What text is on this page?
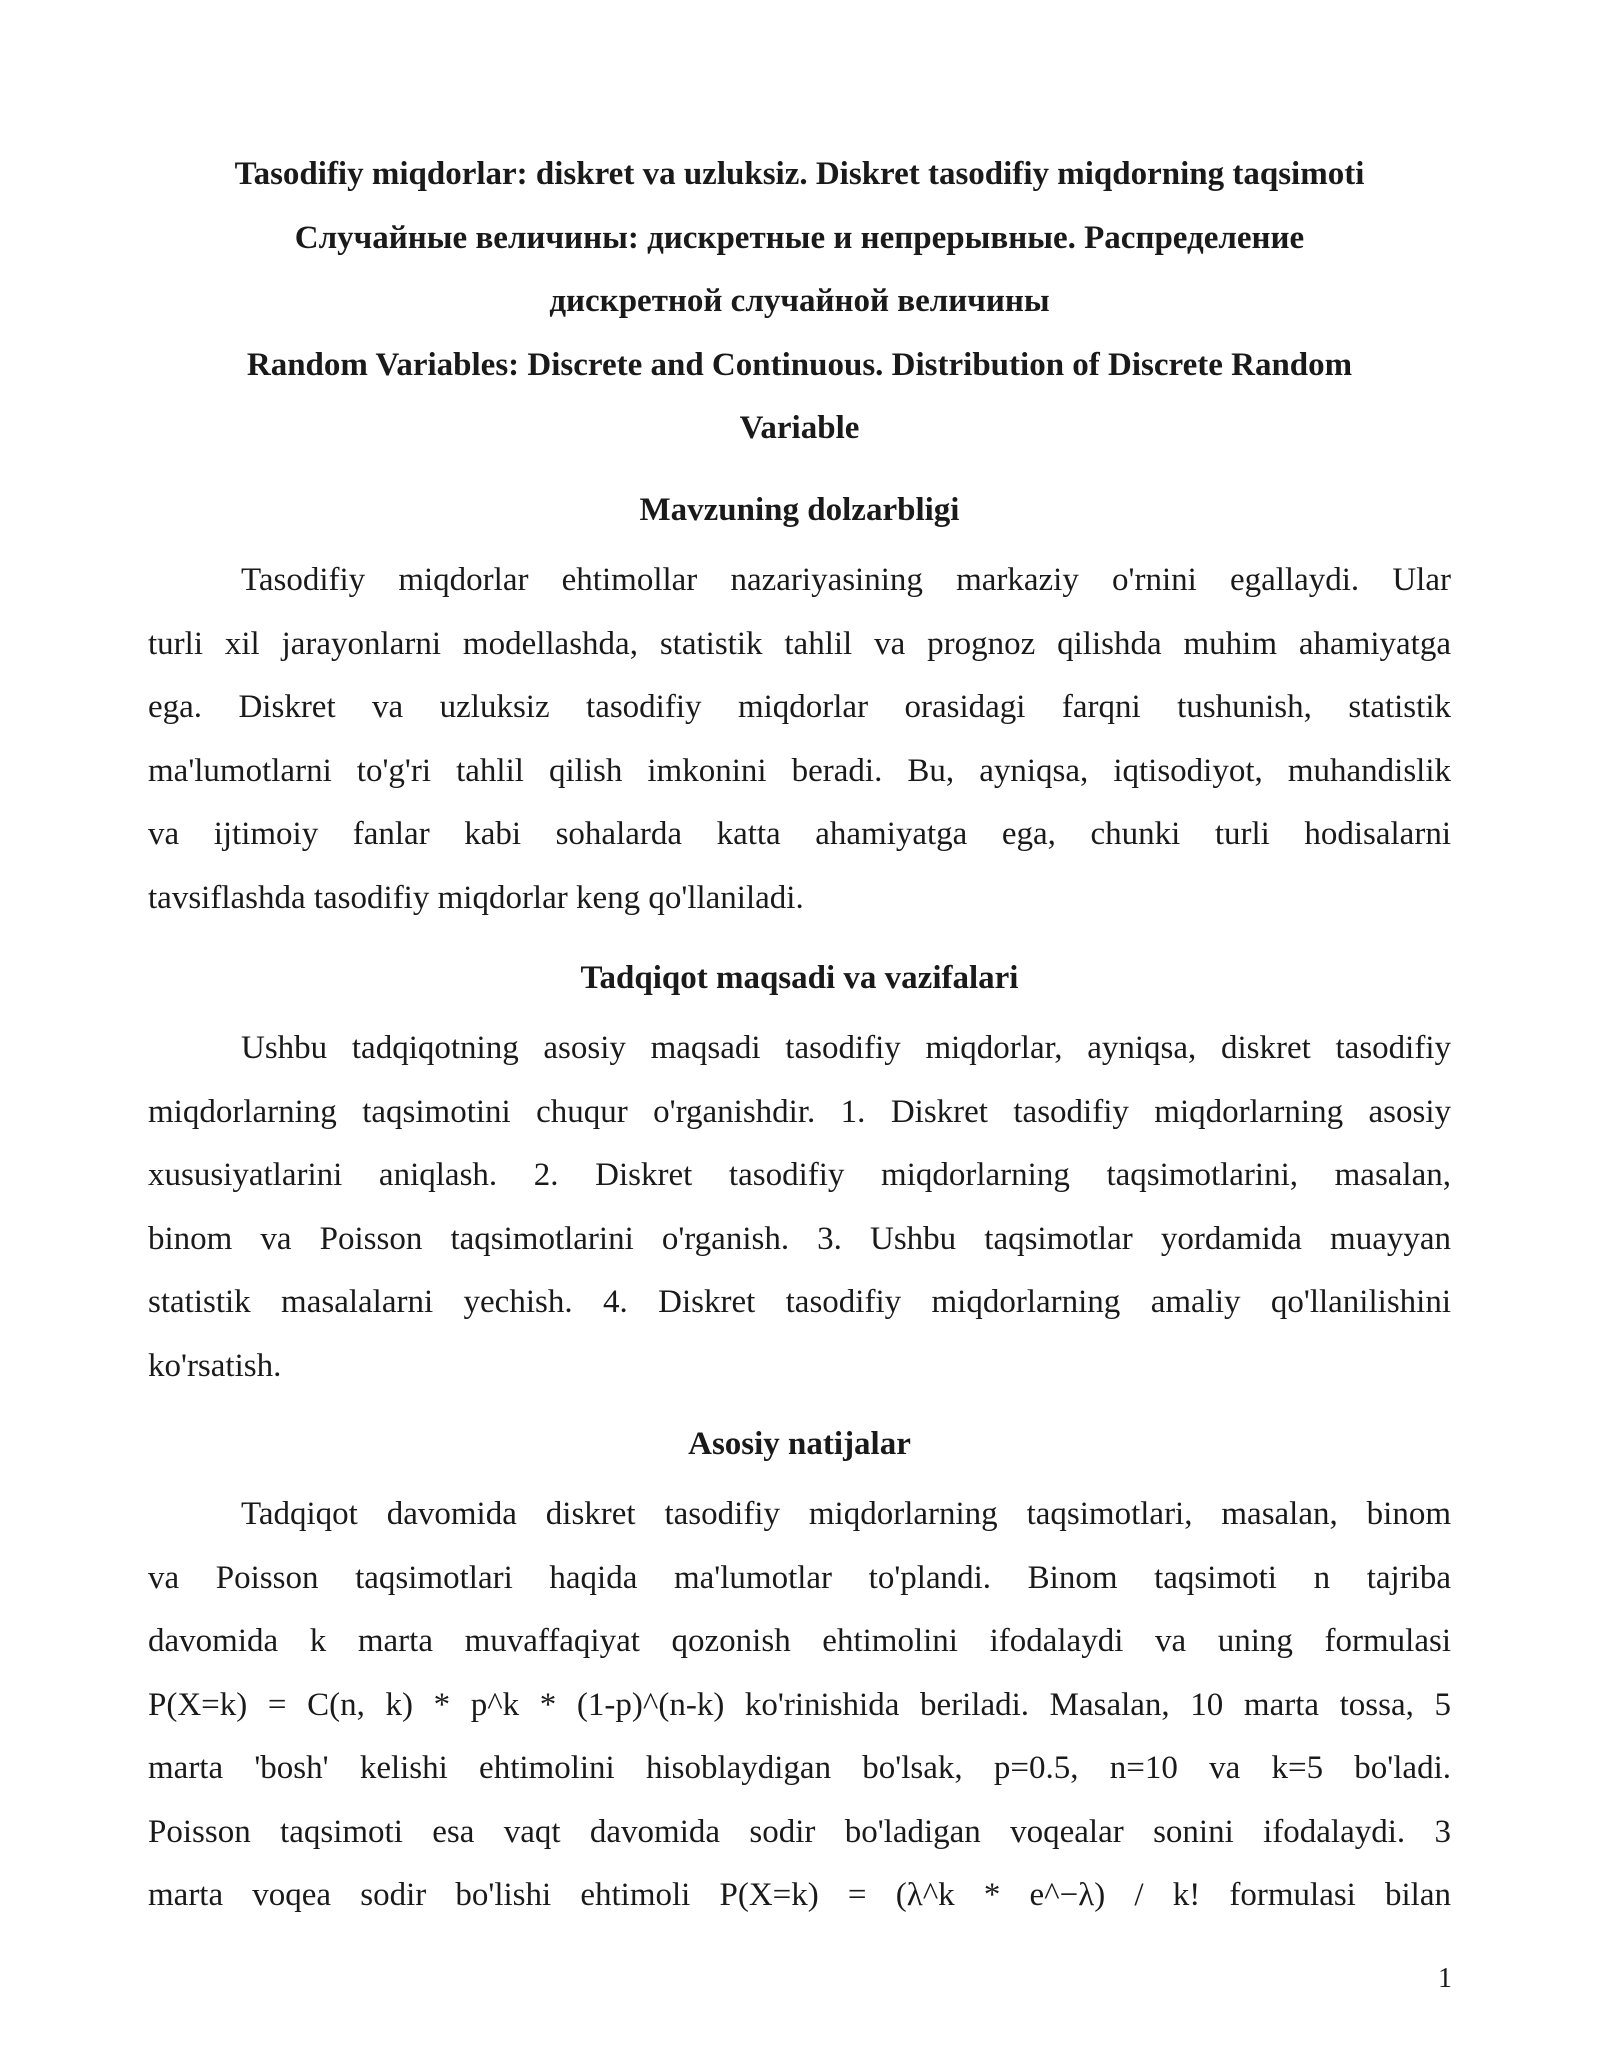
Tasodifiy miqdorlar: diskret va uzluksiz. Diskret tasodifiy miqdorning taqsimoti
Случайные величины: дискретные и непрерывные. Распределение
дискретной случайной величины
Random Variables: Discrete and Continuous. Distribution of Discrete Random
Variable
Mavzuning dolzarbligi
Tasodifiy miqdorlar ehtimollar nazariyasining markaziy o'rnini egallaydi. Ular
turli xil jarayonlarni modellashda, statistik tahlil va prognoz qilishda muhim ahamiyatga
ega. Diskret va uzluksiz tasodifiy miqdorlar orasidagi farqni tushunish, statistik
ma'lumotlarni to'g'ri tahlil qilish imkonini beradi. Bu, ayniqsa, iqtisodiyot, muhandislik
va ijtimoiy fanlar kabi sohalarda katta ahamiyatga ega, chunki turli hodisalarni
tavsiflashda tasodifiy miqdorlar keng qo'llaniladi.
Tadqiqot maqsadi va vazifalari
Ushbu tadqiqotning asosiy maqsadi tasodifiy miqdorlar, ayniqsa, diskret tasodifiy
miqdorlarning taqsimotini chuqur o'rganishdir. 1. Diskret tasodifiy miqdorlarning asosiy
xususiyatlarini aniqlash. 2. Diskret tasodifiy miqdorlarning taqsimotlarini, masalan,
binom va Poisson taqsimotlarini o'rganish. 3. Ushbu taqsimotlar yordamida muayyan
statistik masalalarni yechish. 4. Diskret tasodifiy miqdorlarning amaliy qo'llanilishini
ko'rsatish.
Asosiy natijalar
Tadqiqot davomida diskret tasodifiy miqdorlarning taqsimotlari, masalan, binom
va Poisson taqsimotlari haqida ma'lumotlar to'plandi. Binom taqsimoti n tajriba
davomida k marta muvaffaqiyat qozonish ehtimolini ifodalaydi va uning formulasi
P(X=k) = C(n, k) * p^k * (1-p)^(n-k) ko'rinishida beriladi. Masalan, 10 marta tossa, 5
marta 'bosh' kelishi ehtimolini hisoblaydigan bo'lsak, p=0.5, n=10 va k=5 bo'ladi.
Poisson taqsimoti esa vaqt davomida sodir bo'ladigan voqealar sonini ifodalaydi. 3
marta voqea sodir bo'lishi ehtimoli P(X=k) = (λ^k * e^−λ) / k! formulasi bilan
1
